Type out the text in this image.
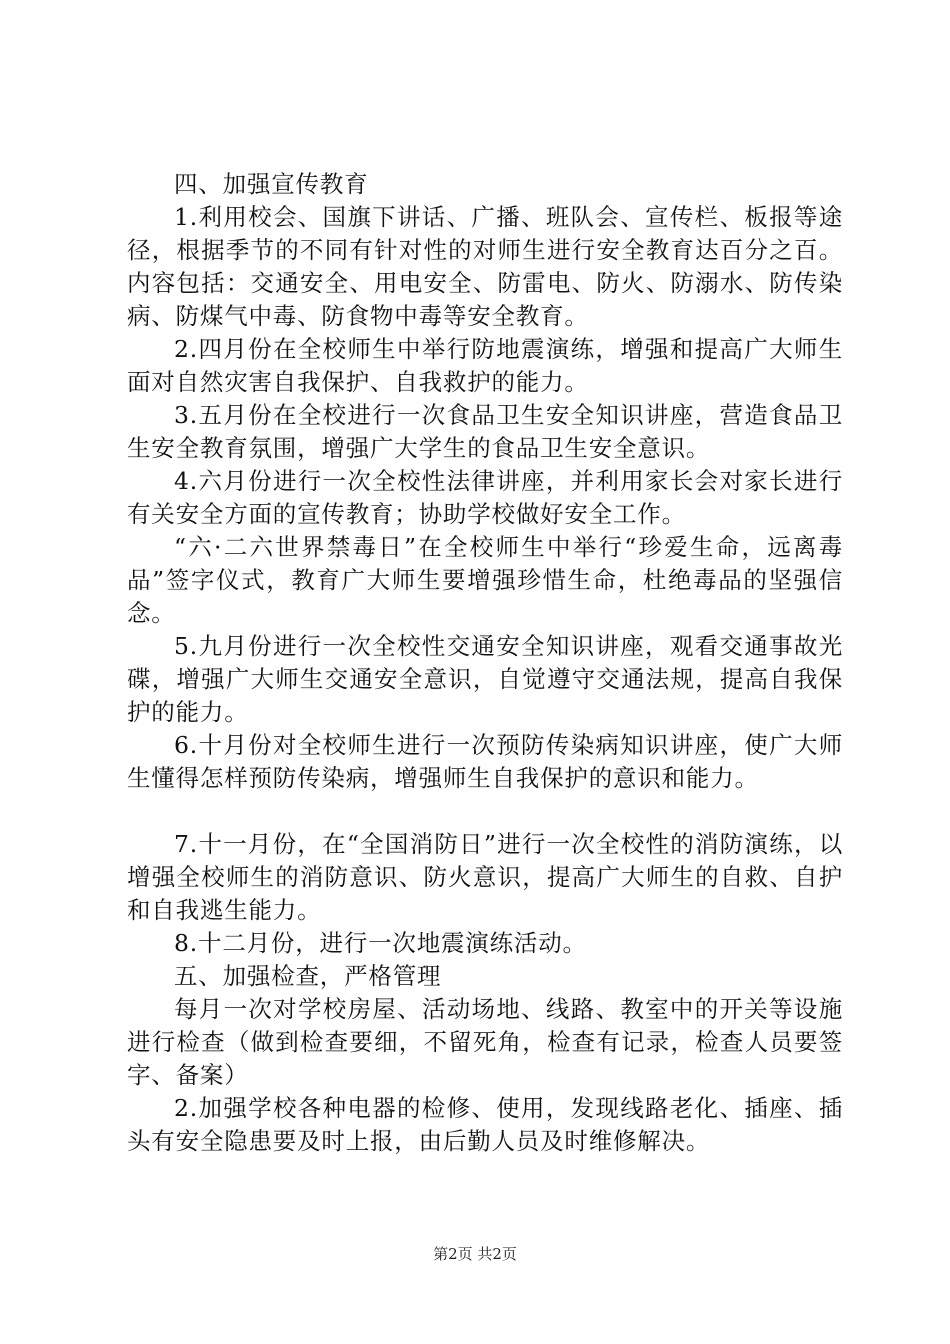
四、加强宣传教育

1.利用校会、国旗下讲话、广播、班队会、宣传栏、板报等途径，根据季节的不同有针对性的对师生进行安全教育达百分之百。内容包括：交通安全、用电安全、防雷电、防火、防溺水、防传染病、防煤气中毒、防食物中毒等安全教育。

2.四月份在全校师生中举行防地震演练，增强和提高广大师生面对自然灾害自我保护、自我救护的能力。

3.五月份在全校进行一次食品卫生安全知识讲座，营造食品卫生安全教育氛围，增强广大学生的食品卫生安全意识。

4.六月份进行一次全校性法律讲座，并利用家长会对家长进行有关安全方面的宣传教育；协助学校做好安全工作。

“六·二六世界禁毒日”在全校师生中举行“珍爱生命，远离毒品”签字仪式，教育广大师生要增强珍惜生命，杜绝毒品的坚强信念。

5.九月份进行一次全校性交通安全知识讲座，观看交通事故光碟，增强广大师生交通安全意识，自觉遵守交通法规，提高自我保护的能力。

6.十月份对全校师生进行一次预防传染病知识讲座，使广大师生懂得怎样预防传染病，增强师生自我保护的意识和能力。

7.十一月份，在“全国消防日”进行一次全校性的消防演练，以增强全校师生的消防意识、防火意识，提高广大师生的自救、自护和自我逃生能力。

8.十二月份，进行一次地震演练活动。

五、加强检查，严格管理

每月一次对学校房屋、活动场地、线路、教室中的开关等设施进行检查（做到检查要细，不留死角，检查有记录，检查人员要签字、备案）

2.加强学校各种电器的检修、使用，发现线路老化、插座、插头有安全隐患要及时上报，由后勤人员及时维修解决。

第2页 共2页
